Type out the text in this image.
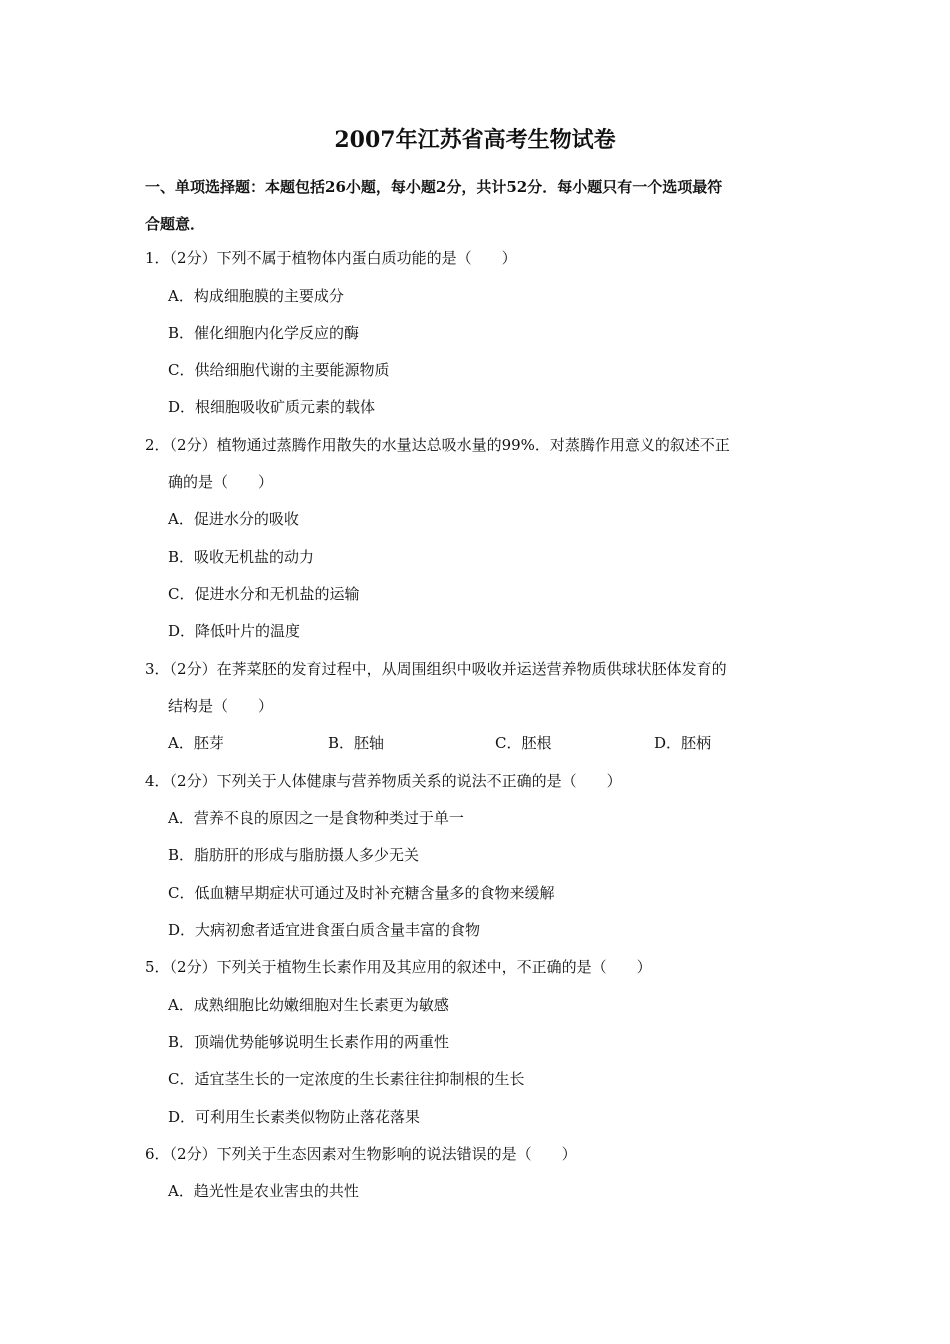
2007年江苏省高考生物试卷
一、单项选择题：本题包括26小题，每小题2分，共计52分．每小题只有一个选项最符
合题意．
1．（2分）下列不属于植物体内蛋白质功能的是（　　）
A．构成细胞膜的主要成分
B．催化细胞内化学反应的酶
C．供给细胞代谢的主要能源物质
D．根细胞吸收矿质元素的载体
2．（2分）植物通过蒸腾作用散失的水量达总吸水量的99%．对蒸腾作用意义的叙述不正
确的是（　　）
A．促进水分的吸收
B．吸收无机盐的动力
C．促进水分和无机盐的运输
D．降低叶片的温度
3．（2分）在荠菜胚的发育过程中，从周围组织中吸收并运送营养物质供球状胚体发育的
结构是（　　）
A．胚芽	B．胚轴	C．胚根	D．胚柄
4．（2分）下列关于人体健康与营养物质关系的说法不正确的是（　　）
A．营养不良的原因之一是食物种类过于单一
B．脂肪肝的形成与脂肪摄人多少无关
C．低血糖早期症状可通过及时补充糖含量多的食物来缓解
D．大病初愈者适宜进食蛋白质含量丰富的食物
5．（2分）下列关于植物生长素作用及其应用的叙述中，不正确的是（　　）
A．成熟细胞比幼嫩细胞对生长素更为敏感
B．顶端优势能够说明生长素作用的两重性
C．适宜茎生长的一定浓度的生长素往往抑制根的生长
D．可利用生长素类似物防止落花落果
6．（2分）下列关于生态因素对生物影响的说法错误的是（　　）
A．趋光性是农业害虫的共性
